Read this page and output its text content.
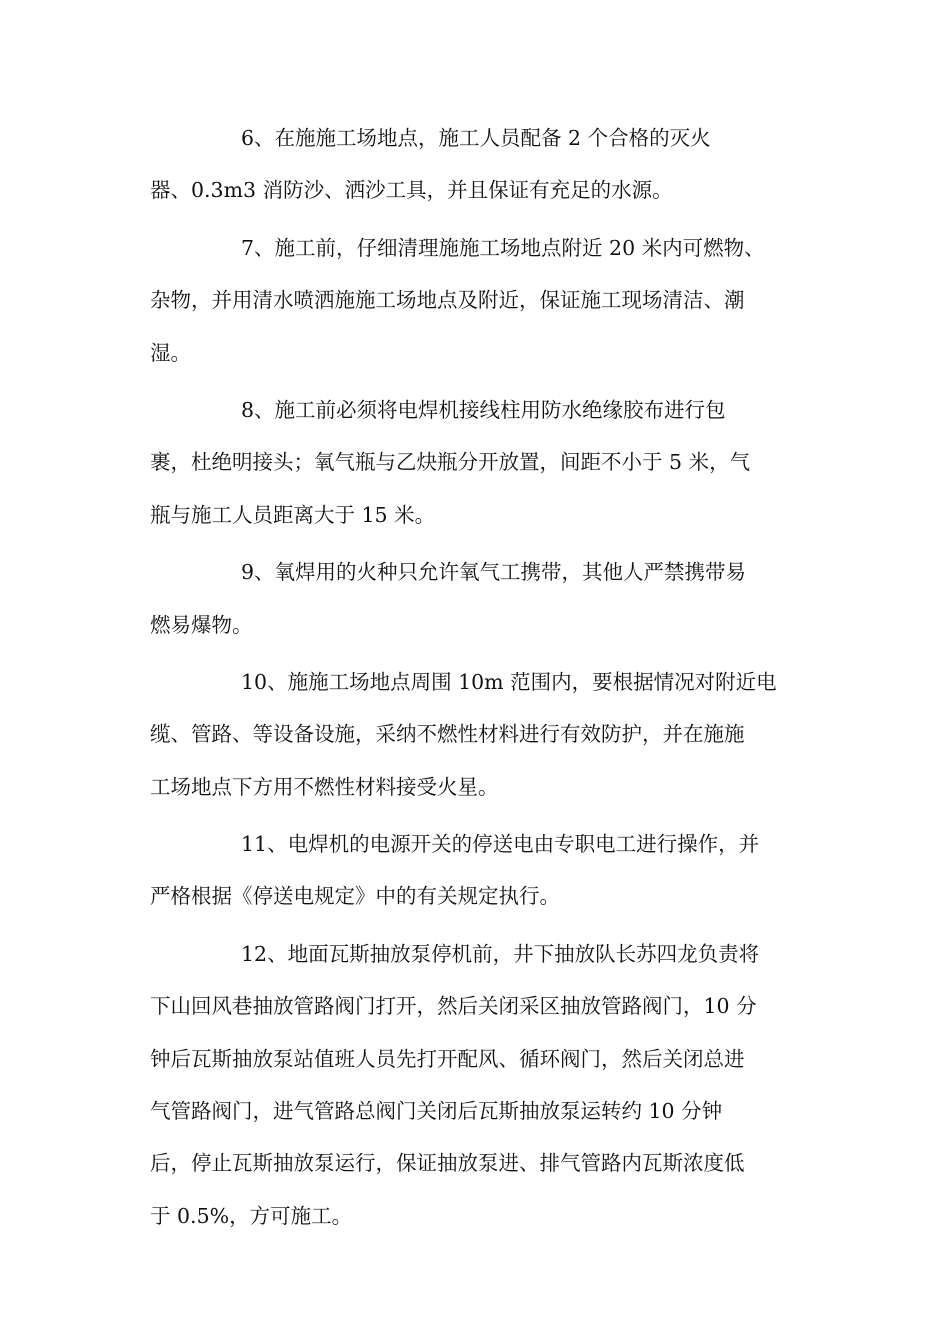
6、在施施工场地点，施工人员配备 2 个合格的灭火
器、0.3m3 消防沙、洒沙工具，并且保证有充足的水源。
7、施工前，仔细清理施施工场地点附近 20 米内可燃物、
杂物，并用清水喷洒施施工场地点及附近，保证施工现场清洁、潮
湿。
8、施工前必须将电焊机接线柱用防水绝缘胶布进行包
裹，杜绝明接头；氧气瓶与乙炔瓶分开放置，间距不小于 5 米，气
瓶与施工人员距离大于 15 米。
9、氧焊用的火种只允许氧气工携带，其他人严禁携带易
燃易爆物。
10、施施工场地点周围 10m 范围内，要根据情况对附近电
缆、管路、等设备设施，采纳不燃性材料进行有效防护，并在施施
工场地点下方用不燃性材料接受火星。
11、电焊机的电源开关的停送电由专职电工进行操作，并
严格根据《停送电规定》中的有关规定执行。
12、地面瓦斯抽放泵停机前，井下抽放队长苏四龙负责将
下山回风巷抽放管路阀门打开，然后关闭采区抽放管路阀门，10 分
钟后瓦斯抽放泵站值班人员先打开配风、循环阀门，然后关闭总进
气管路阀门，进气管路总阀门关闭后瓦斯抽放泵运转约 10 分钟
后，停止瓦斯抽放泵运行，保证抽放泵进、排气管路内瓦斯浓度低
于 0.5%，方可施工。
